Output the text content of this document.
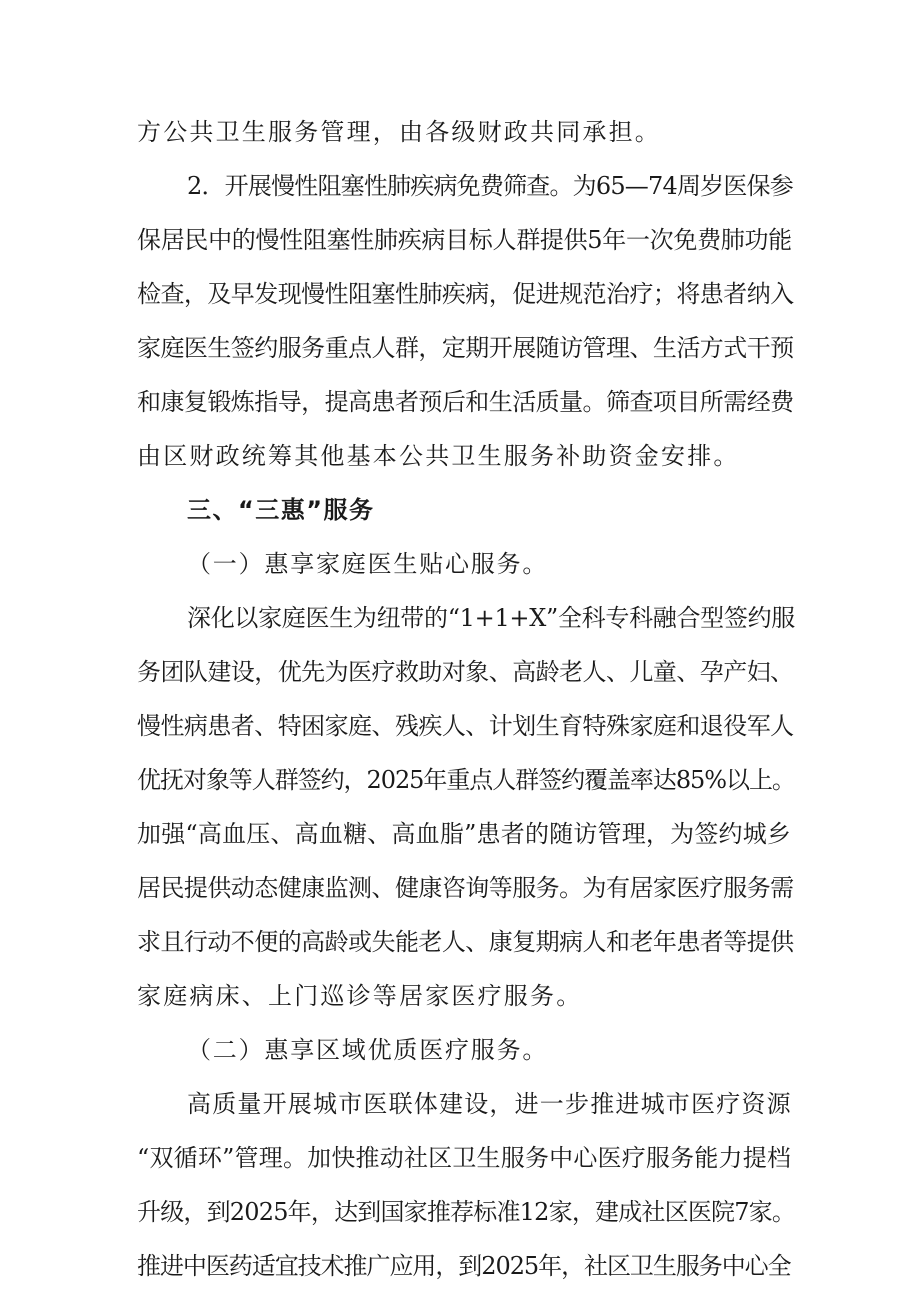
方公共卫生服务管理，由各级财政共同承担。
2．开展慢性阻塞性肺疾病免费筛查。为65—74周岁医保参
保居民中的慢性阻塞性肺疾病目标人群提供5年一次免费肺功能
检查，及早发现慢性阻塞性肺疾病，促进规范治疗；将患者纳入
家庭医生签约服务重点人群，定期开展随访管理、生活方式干预
和康复锻炼指导，提高患者预后和生活质量。筛查项目所需经费
由区财政统筹其他基本公共卫生服务补助资金安排。
三、“三惠”服务
（一）惠享家庭医生贴心服务。
深化以家庭医生为纽带的“1+1+X”全科专科融合型签约服
务团队建设，优先为医疗救助对象、高龄老人、儿童、孕产妇、
慢性病患者、特困家庭、残疾人、计划生育特殊家庭和退役军人
优抚对象等人群签约，2025年重点人群签约覆盖率达85%以上。
加强“高血压、高血糖、高血脂”患者的随访管理，为签约城乡
居民提供动态健康监测、健康咨询等服务。为有居家医疗服务需
求且行动不便的高龄或失能老人、康复期病人和老年患者等提供
家庭病床、上门巡诊等居家医疗服务。
（二）惠享区域优质医疗服务。
高质量开展城市医联体建设，进一步推进城市医疗资源
“双循环”管理。加快推动社区卫生服务中心医疗服务能力提档
升级，到2025年，达到国家推荐标准12家，建成社区医院7家。
推进中医药适宜技术推广应用，到2025年，社区卫生服务中心全
